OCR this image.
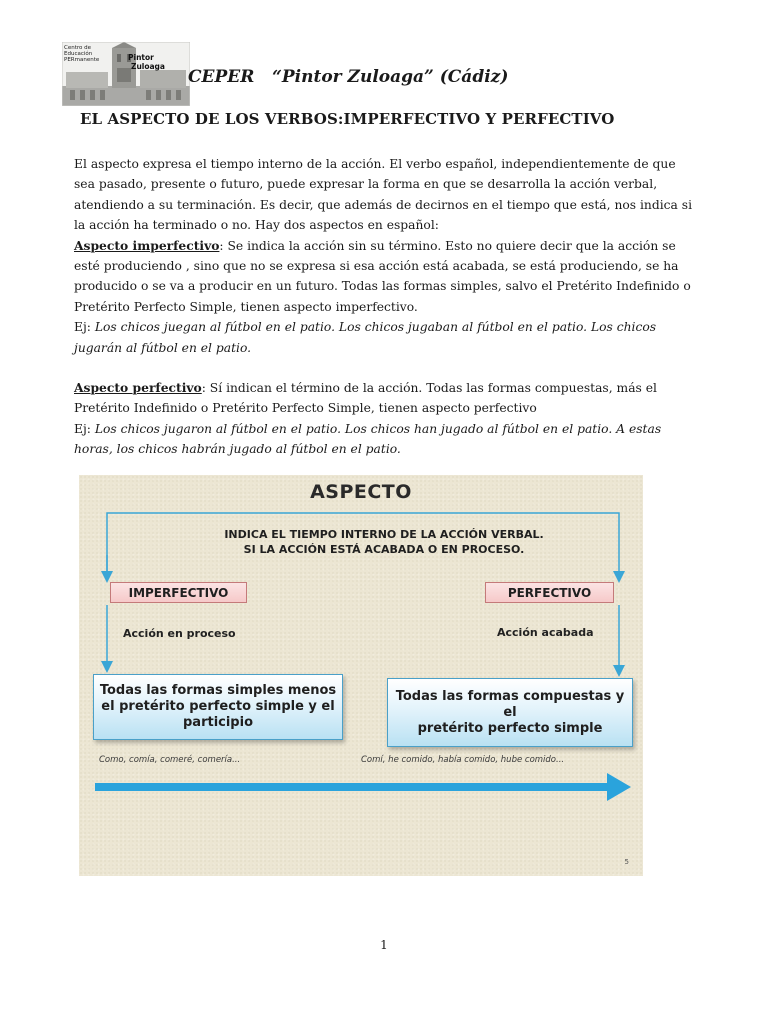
Centro de
Educación
PERmanente	Pintor
Zuloaga
CEPER   “Pintor Zuloaga” (Cádiz)
EL ASPECTO DE LOS VERBOS:IMPERFECTIVO Y PERFECTIVO

El aspecto expresa el tiempo interno de la acción. El verbo español, independientemente de que sea pasado, presente o futuro, puede expresar la forma en que se desarrolla la acción verbal, atendiendo a su terminación. Es decir, que además de decirnos en el tiempo que está, nos indica si la acción ha terminado o no. Hay dos aspectos en español:

Aspecto imperfectivo: Se indica la acción sin su término. Esto no quiere decir que la acción se esté produciendo , sino que no se expresa si esa acción está acabada, se está produciendo, se ha producido o se va a producir en un futuro. Todas las formas simples, salvo el Pretérito Indefinido o Pretérito Perfecto Simple, tienen aspecto imperfectivo.

Ej: Los chicos juegan al fútbol en el patio. Los chicos jugaban al fútbol en el patio. Los chicos jugarán al fútbol en el patio.

Aspecto perfectivo: Sí indican el término de la acción. Todas las formas compuestas, más el Pretérito Indefinido o Pretérito Perfecto Simple, tienen aspecto perfectivo

Ej: Los chicos jugaron al fútbol en el patio. Los chicos han jugado al fútbol en el patio. A estas horas, los chicos habrán jugado al fútbol en el patio.

ASPECTO
INDICA EL TIEMPO INTERNO DE LA ACCIÓN VERBAL.
SI LA ACCIÓN ESTÁ ACABADA O EN PROCESO.
IMPERFECTIVO	PERFECTIVO
Acción en proceso	Acción acabada
Todas las formas simples menos
el pretérito perfecto simple y el
participio
Todas las formas compuestas y el
pretérito perfecto simple
Como, comía, comeré, comería...	Comí, he comido, había comido, hube comido...
5
1
